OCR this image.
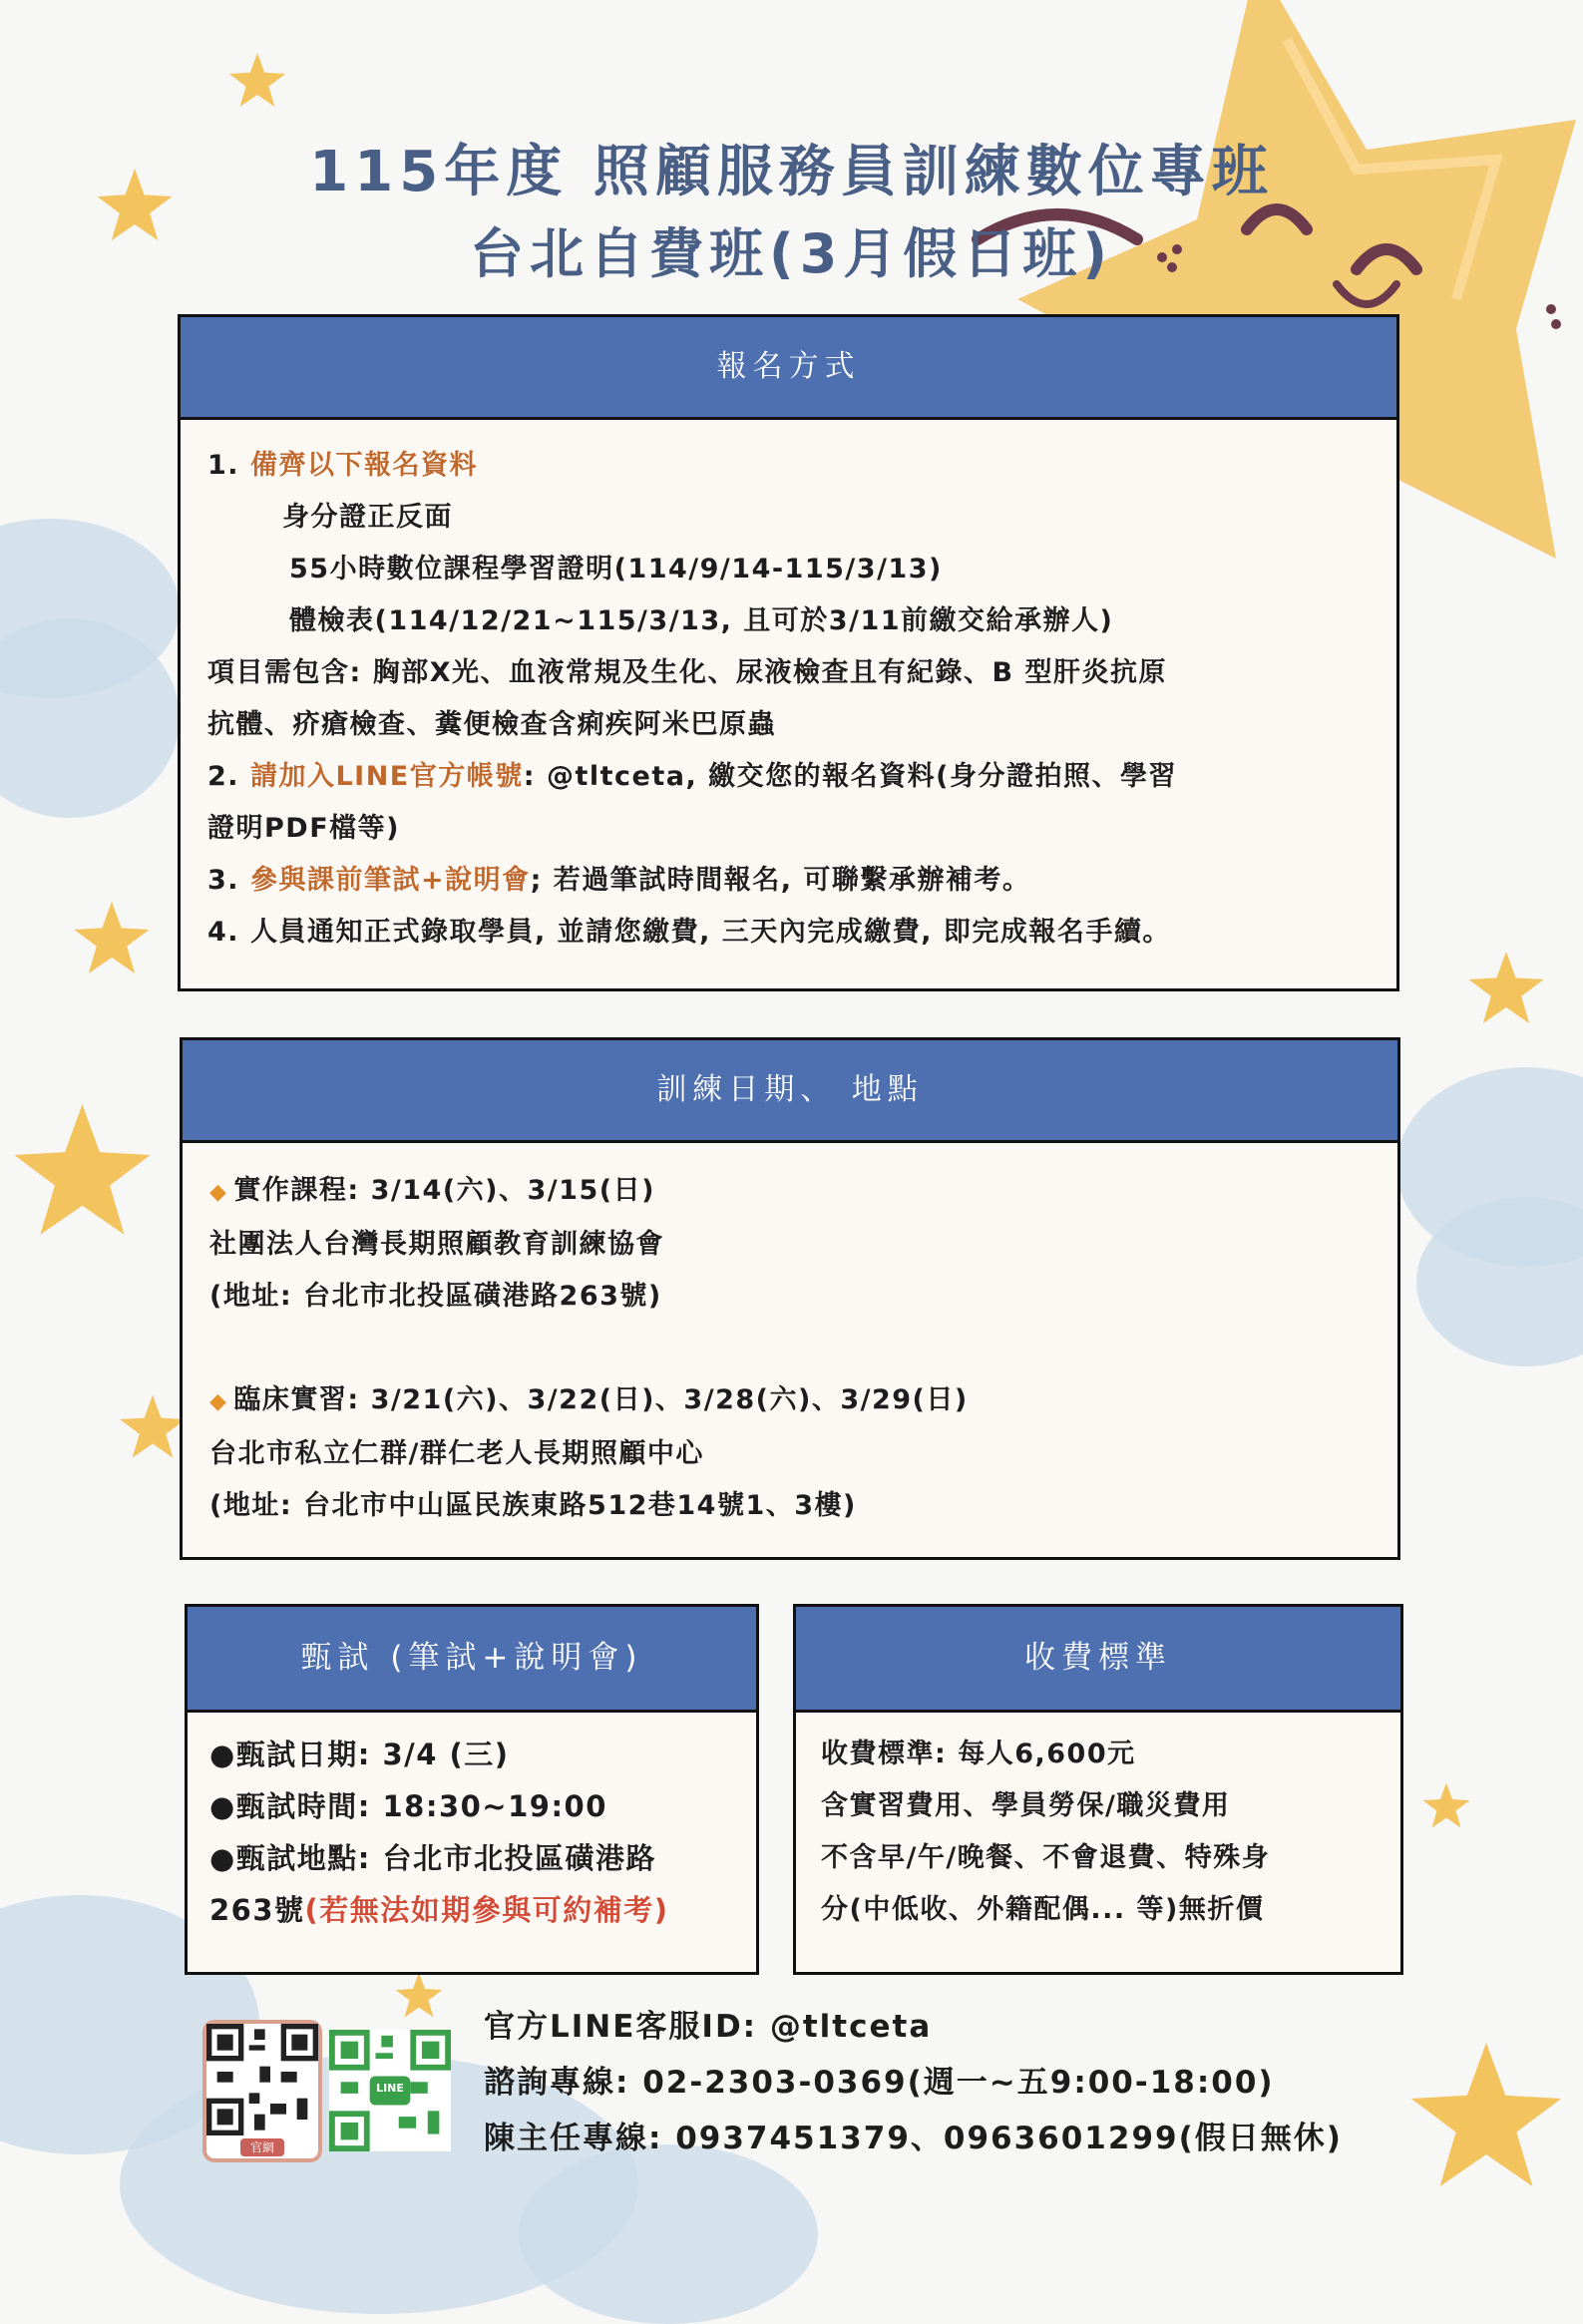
115年度 照顧服務員訓練數位專班
台北自費班(3月假日班)
報名方式
1. 備齊以下報名資料
身分證正反面
55小時數位課程學習證明(114/9/14-115/3/13)
體檢表(114/12/21~115/3/13, 且可於3/11前繳交給承辦人)
項目需包含: 胸部X光、血液常規及生化、尿液檢查且有紀錄、B 型肝炎抗原
抗體、疥瘡檢查、糞便檢查含痢疾阿米巴原蟲
2. 請加入LINE官方帳號: @tltceta, 繳交您的報名資料(身分證拍照、學習
證明PDF檔等)
3. 參與課前筆試+說明會; 若過筆試時間報名, 可聯繫承辦補考。
4. 人員通知正式錄取學員, 並請您繳費, 三天內完成繳費, 即完成報名手續。
訓練日期、 地點
◆ 實作課程: 3/14(六)、3/15(日)
社團法人台灣長期照顧教育訓練協會
(地址: 台北市北投區磺港路263號)
◆ 臨床實習: 3/21(六)、3/22(日)、3/28(六)、3/29(日)
台北市私立仁群/群仁老人長期照顧中心
(地址: 台北市中山區民族東路512巷14號1、3樓)
甄試 (筆試+說明會)
●甄試日期: 3/4 (三)
●甄試時間: 18:30~19:00
●甄試地點: 台北市北投區磺港路
263號(若無法如期參與可約補考)
收費標準
收費標準: 每人6,600元
含實習費用、學員勞保/職災費用
不含早/午/晚餐、不會退費、特殊身
分(中低收、外籍配偶... 等)無折價
官網
LINE
官方LINE客服ID: @tltceta
諮詢專線: 02-2303-0369(週一~五9:00-18:00)
陳主任專線: 0937451379、0963601299(假日無休)
